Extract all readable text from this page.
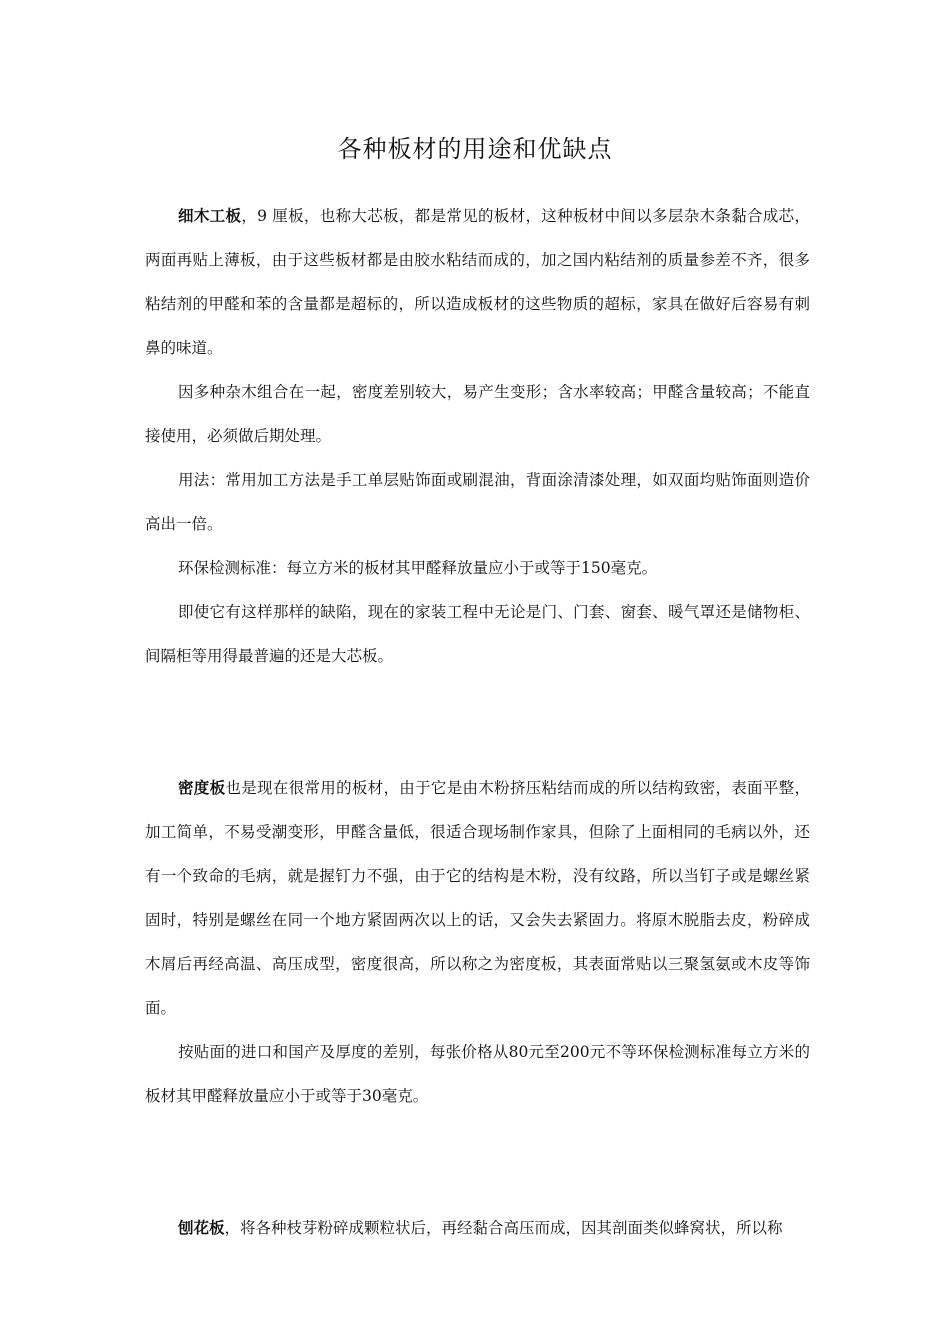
各种板材的用途和优缺点

细木工板，9 厘板，也称大芯板，都是常见的板材，这种板材中间以多层杂木条黏合成芯，两面再贴上薄板，由于这些板材都是由胶水粘结而成的，加之国内粘结剂的质量参差不齐，很多粘结剂的甲醛和苯的含量都是超标的，所以造成板材的这些物质的超标，家具在做好后容易有刺鼻的味道。

因多种杂木组合在一起，密度差别较大，易产生变形；含水率较高；甲醛含量较高；不能直接使用，必须做后期处理。

用法：常用加工方法是手工单层贴饰面或刷混油，背面涂清漆处理，如双面均贴饰面则造价高出一倍。

环保检测标准：每立方米的板材其甲醛释放量应小于或等于150毫克。

即使它有这样那样的缺陷，现在的家装工程中无论是门、门套、窗套、暖气罩还是储物柜、间隔柜等用得最普遍的还是大芯板。

密度板也是现在很常用的板材，由于它是由木粉挤压粘结而成的所以结构致密，表面平整，加工简单，不易受潮变形，甲醛含量低，很适合现场制作家具，但除了上面相同的毛病以外，还有一个致命的毛病，就是握钉力不强，由于它的结构是木粉，没有纹路，所以当钉子或是螺丝紧固时，特别是螺丝在同一个地方紧固两次以上的话，又会失去紧固力。将原木脱脂去皮，粉碎成木屑后再经高温、高压成型，密度很高，所以称之为密度板，其表面常贴以三聚氢氨或木皮等饰面。

按贴面的进口和国产及厚度的差别，每张价格从80元至200元不等环保检测标准每立方米的板材其甲醛释放量应小于或等于30毫克。

刨花板，将各种枝芽粉碎成颗粒状后，再经黏合高压而成，因其剖面类似蜂窝状，所以称
